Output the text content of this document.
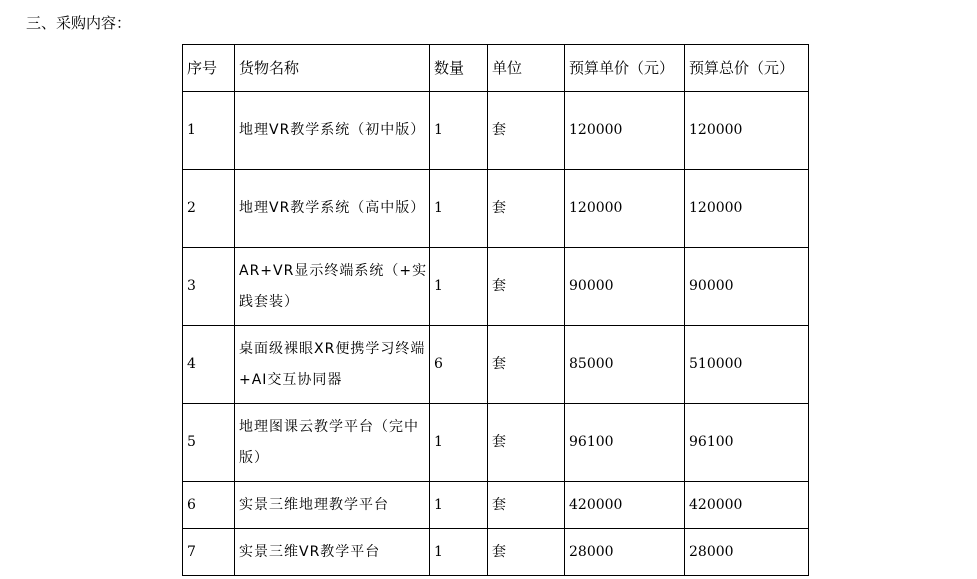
三、采购内容：
序号	货物名称	数量	单位	预算单价（元）	预算总价（元）
1	地理VR教学系统（初中版）	1	套	120000	120000
2	地理VR教学系统（高中版）	1	套	120000	120000
3	AR+VR显示终端系统（+实践套装）	1	套	90000	90000
4	桌面级裸眼XR便携学习终端+AI交互协同器	6	套	85000	510000
5	地理图课云教学平台（完中版）	1	套	96100	96100
6	实景三维地理教学平台	1	套	420000	420000
7	实景三维VR教学平台	1	套	28000	28000
